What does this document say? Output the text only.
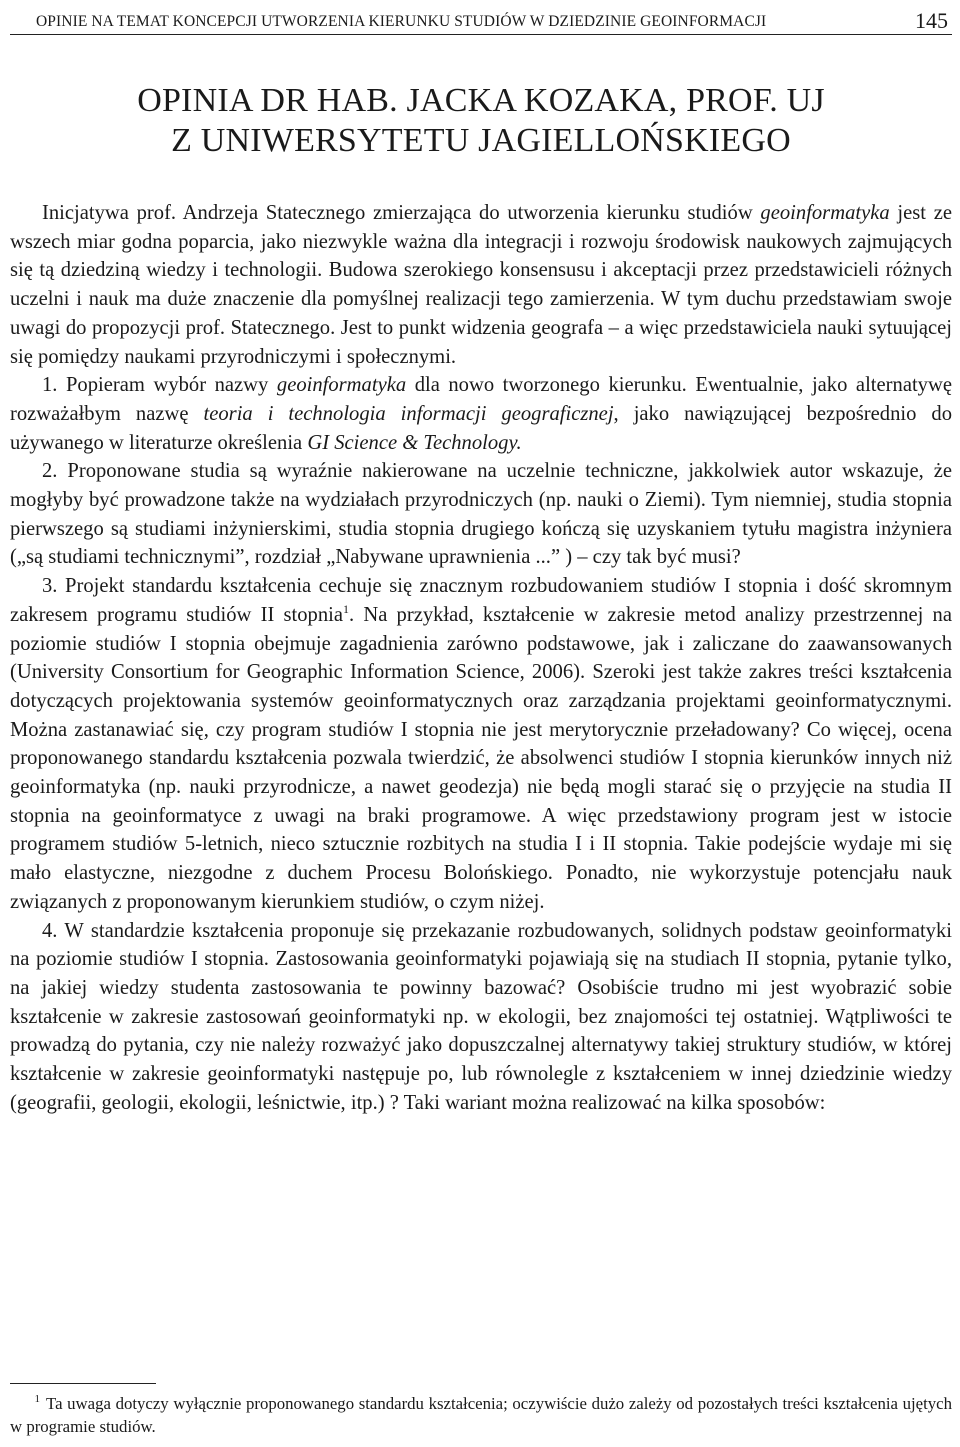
OPINIE NA TEMAT KONCEPCJI UTWORZENIA KIERUNKU STUDIÓW W DZIEDZINIE GEOINFORMACJI	145
OPINIA DR HAB. JACKA KOZAKA, PROF. UJ
Z UNIWERSYTETU JAGIELLOŃSKIEGO

Inicjatywa prof. Andrzeja Statecznego zmierzająca do utworzenia kierunku studiów geoinformatyka jest ze wszech miar godna poparcia, jako niezwykle ważna dla integracji i rozwoju środowisk naukowych zajmujących się tą dziedziną wiedzy i technologii. Budowa szerokiego konsensusu i akceptacji przez przedstawicieli różnych uczelni i nauk ma duże znaczenie dla pomyślnej realizacji tego zamierzenia. W tym duchu przedstawiam swoje uwagi do propozycji prof. Statecznego. Jest to punkt widzenia geografa – a więc przedstawiciela nauki sytuującej się pomiędzy naukami przyrodniczymi i społecznymi.

1. Popieram wybór nazwy geoinformatyka dla nowo tworzonego kierunku. Ewentualnie, jako alternatywę rozważałbym nazwę teoria i technologia informacji geograficznej, jako nawiązującej bezpośrednio do używanego w literaturze określenia GI Science & Technology.

2. Proponowane studia są wyraźnie nakierowane na uczelnie techniczne, jakkolwiek autor wskazuje, że mogłyby być prowadzone także na wydziałach przyrodniczych (np. nauki o Ziemi). Tym niemniej, studia stopnia pierwszego są studiami inżynierskimi, studia stopnia drugiego kończą się uzyskaniem tytułu magistra inżyniera („są studiami technicznymi”, rozdział „Nabywane uprawnienia ...” ) – czy tak być musi?

3. Projekt standardu kształcenia cechuje się znacznym rozbudowaniem studiów I stopnia i dość skromnym zakresem programu studiów II stopnia$^1$. Na przykład, kształcenie w zakresie metod analizy przestrzennej na poziomie studiów I stopnia obejmuje zagadnienia zarówno podstawowe, jak i zaliczane do zaawansowanych (University Consortium for Geographic Information Science, 2006). Szeroki jest także zakres treści kształcenia dotyczących projektowania systemów geoinformatycznych oraz zarządzania projektami geoinformatycznymi. Można zastanawiać się, czy program studiów I stopnia nie jest merytorycznie przeładowany? Co więcej, ocena proponowanego standardu kształcenia pozwala twierdzić, że absolwenci studiów I stopnia kierunków innych niż geoinformatyka (np. nauki przyrodnicze, a nawet geodezja) nie będą mogli starać się o przyjęcie na studia II stopnia na geoinformatyce z uwagi na braki programowe. A więc przedstawiony program jest w istocie programem studiów 5-letnich, nieco sztucznie rozbitych na studia I i II stopnia. Takie podejście wydaje mi się mało elastyczne, niezgodne z duchem Procesu Bolońskiego. Ponadto, nie wykorzystuje potencjału nauk związanych z proponowanym kierunkiem studiów, o czym niżej.

4. W standardzie kształcenia proponuje się przekazanie rozbudowanych, solidnych podstaw geoinformatyki na poziomie studiów I stopnia. Zastosowania geoinformatyki pojawiają się na studiach II stopnia, pytanie tylko, na jakiej wiedzy studenta zastosowania te powinny bazować? Osobiście trudno mi jest wyobrazić sobie kształcenie w zakresie zastosowań geoinformatyki np. w ekologii, bez znajomości tej ostatniej. Wątpliwości te prowadzą do pytania, czy nie należy rozważyć jako dopuszczalnej alternatywy takiej struktury studiów, w której kształcenie w zakresie geoinformatyki następuje po, lub równolegle z kształceniem w innej dziedzinie wiedzy (geografii, geologii, ekologii, leśnictwie, itp.) ? Taki wariant można realizować na kilka sposobów:

1 Ta uwaga dotyczy wyłącznie proponowanego standardu kształcenia; oczywiście dużo zależy od pozostałych treści kształcenia ujętych w programie studiów.
